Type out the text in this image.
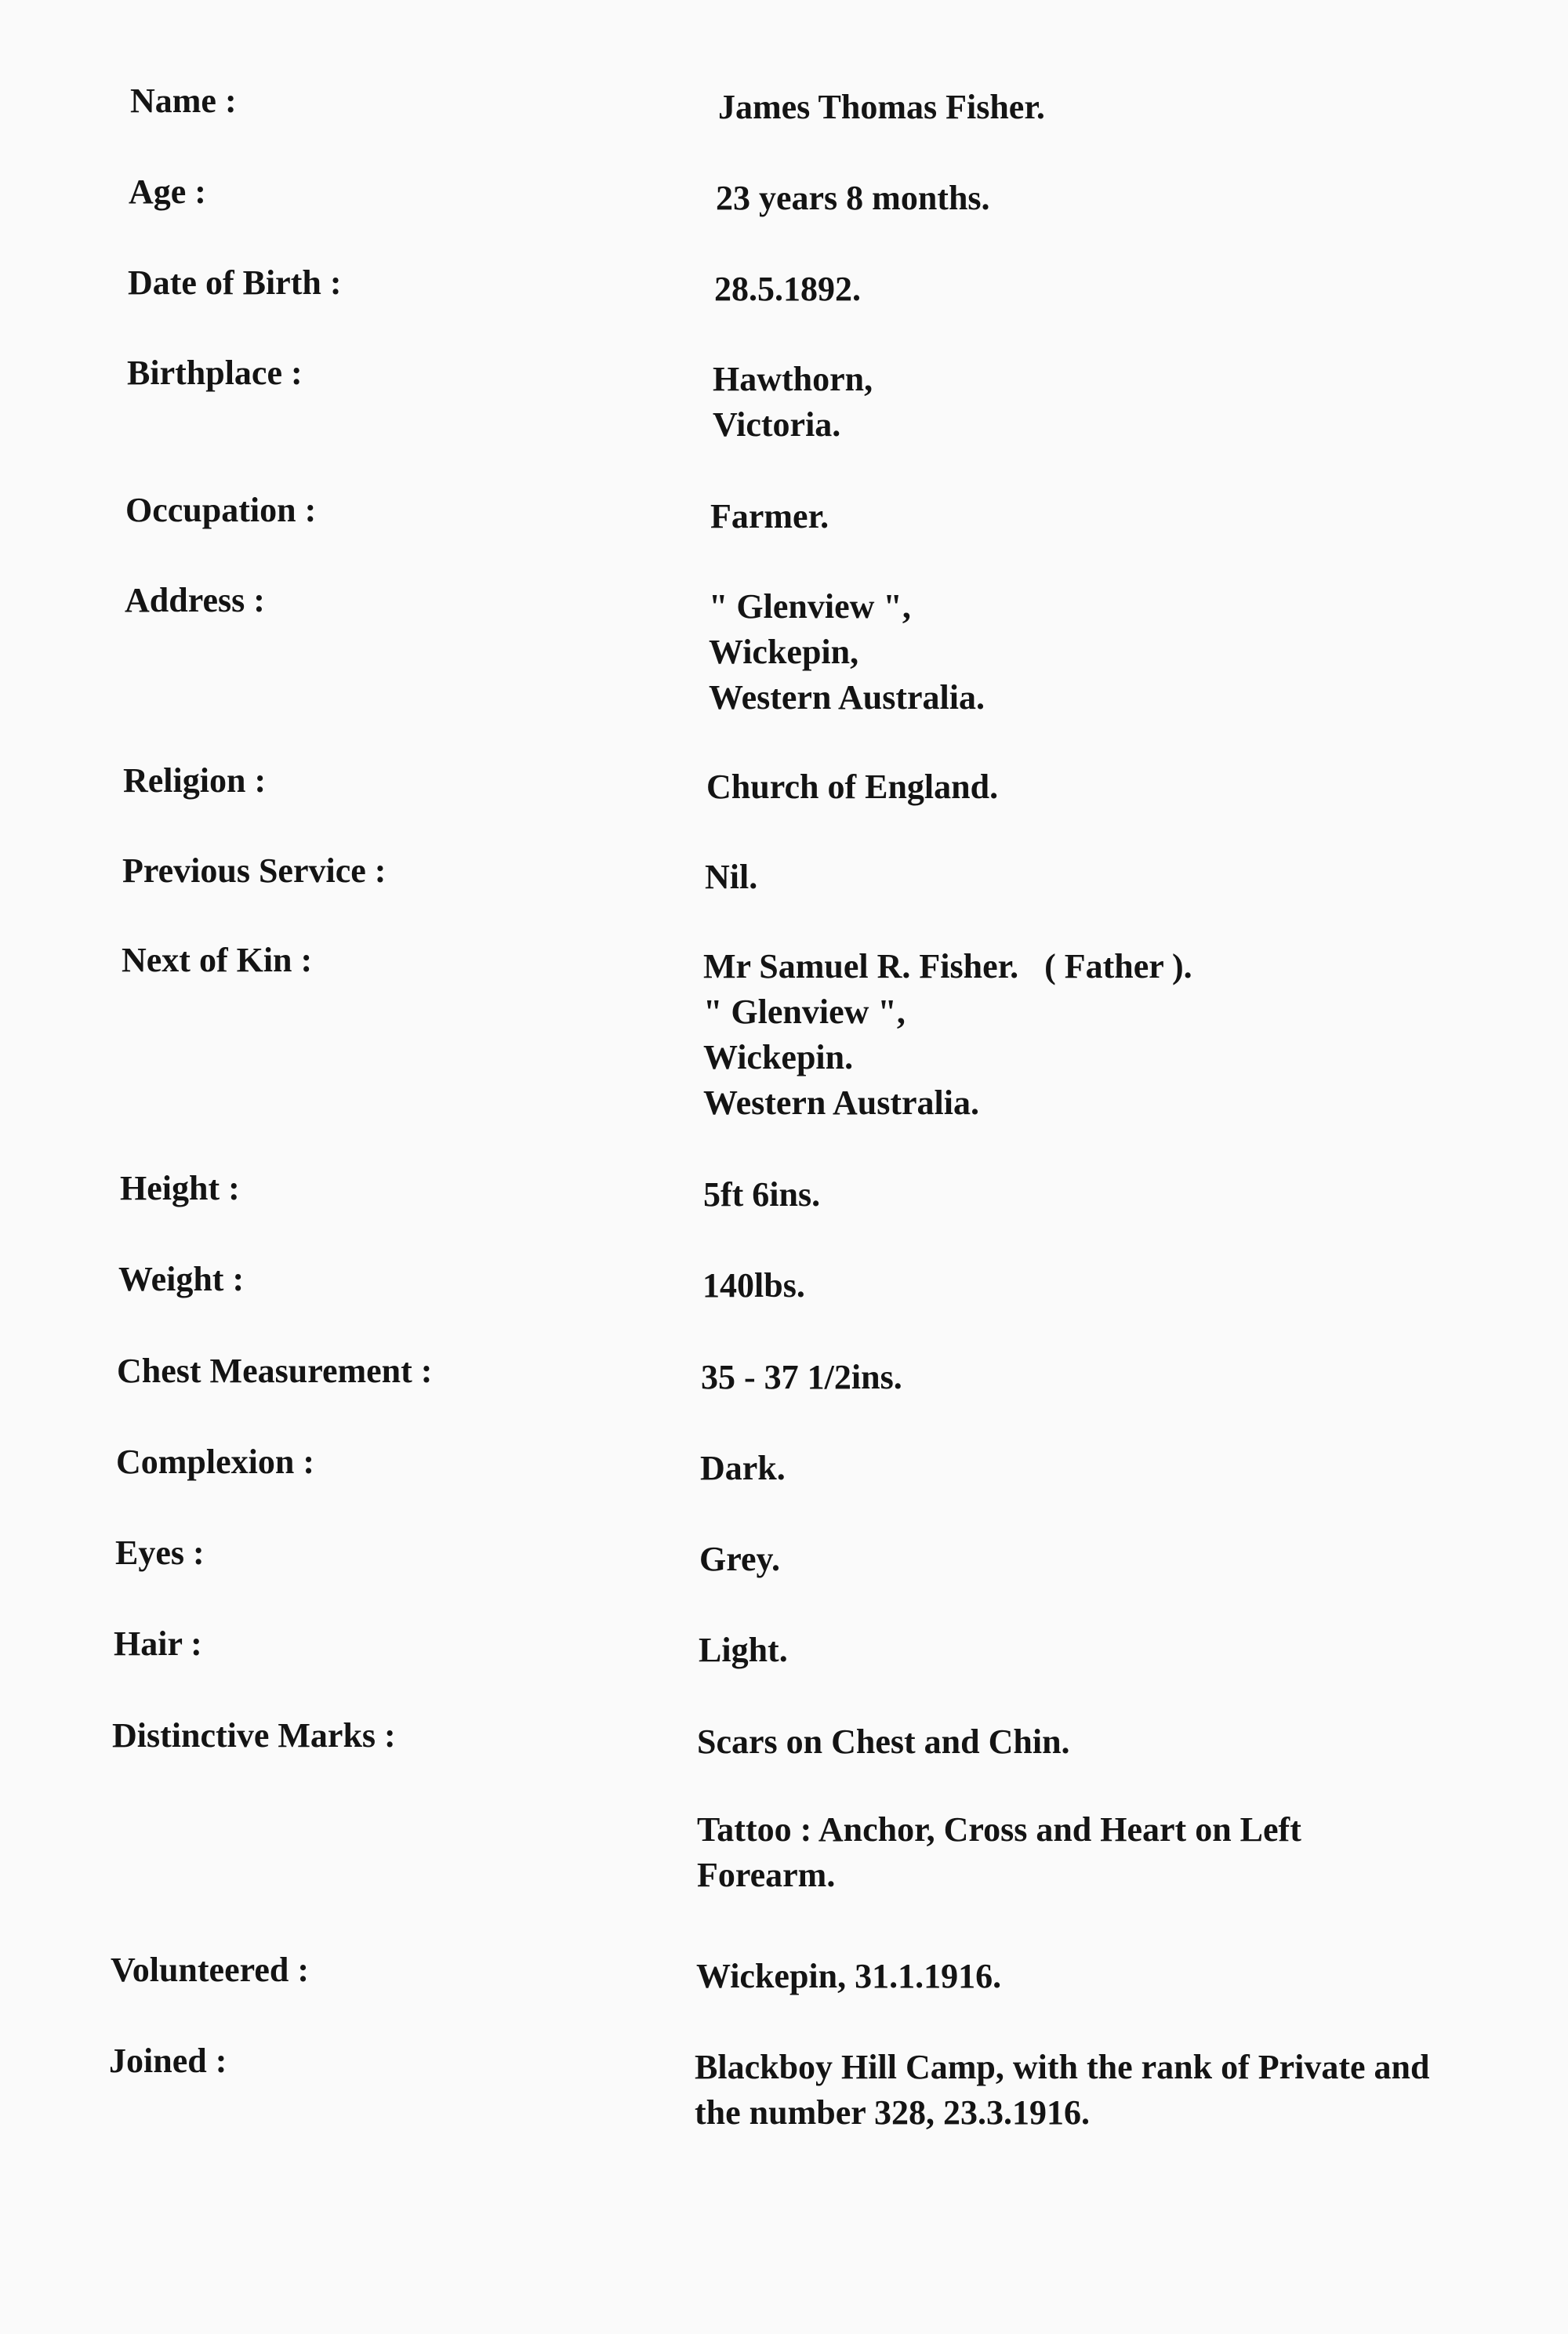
Name :	James Thomas Fisher.
Age :	23 years 8 months.
Date of Birth :	28.5.1892.
Birthplace :	Hawthorn,
Victoria.
Occupation :	Farmer.
Address :	" Glenview ",
Wickepin,
Western Australia.
Religion :	Church of England.
Previous Service :	Nil.
Next of Kin :	Mr Samuel R. Fisher.   ( Father ).
" Glenview ",
Wickepin.
Western Australia.
Height :	5ft 6ins.
Weight :	140lbs.
Chest Measurement :	35 - 37 1/2ins.
Complexion :	Dark.
Eyes :	Grey.
Hair :	Light.
Distinctive Marks :	Scars on Chest and Chin.
Tattoo : Anchor, Cross and Heart on Left Forearm.
Volunteered :	Wickepin, 31.1.1916.
Joined :	Blackboy Hill Camp, with the rank of Private and the number 328, 23.3.1916.
